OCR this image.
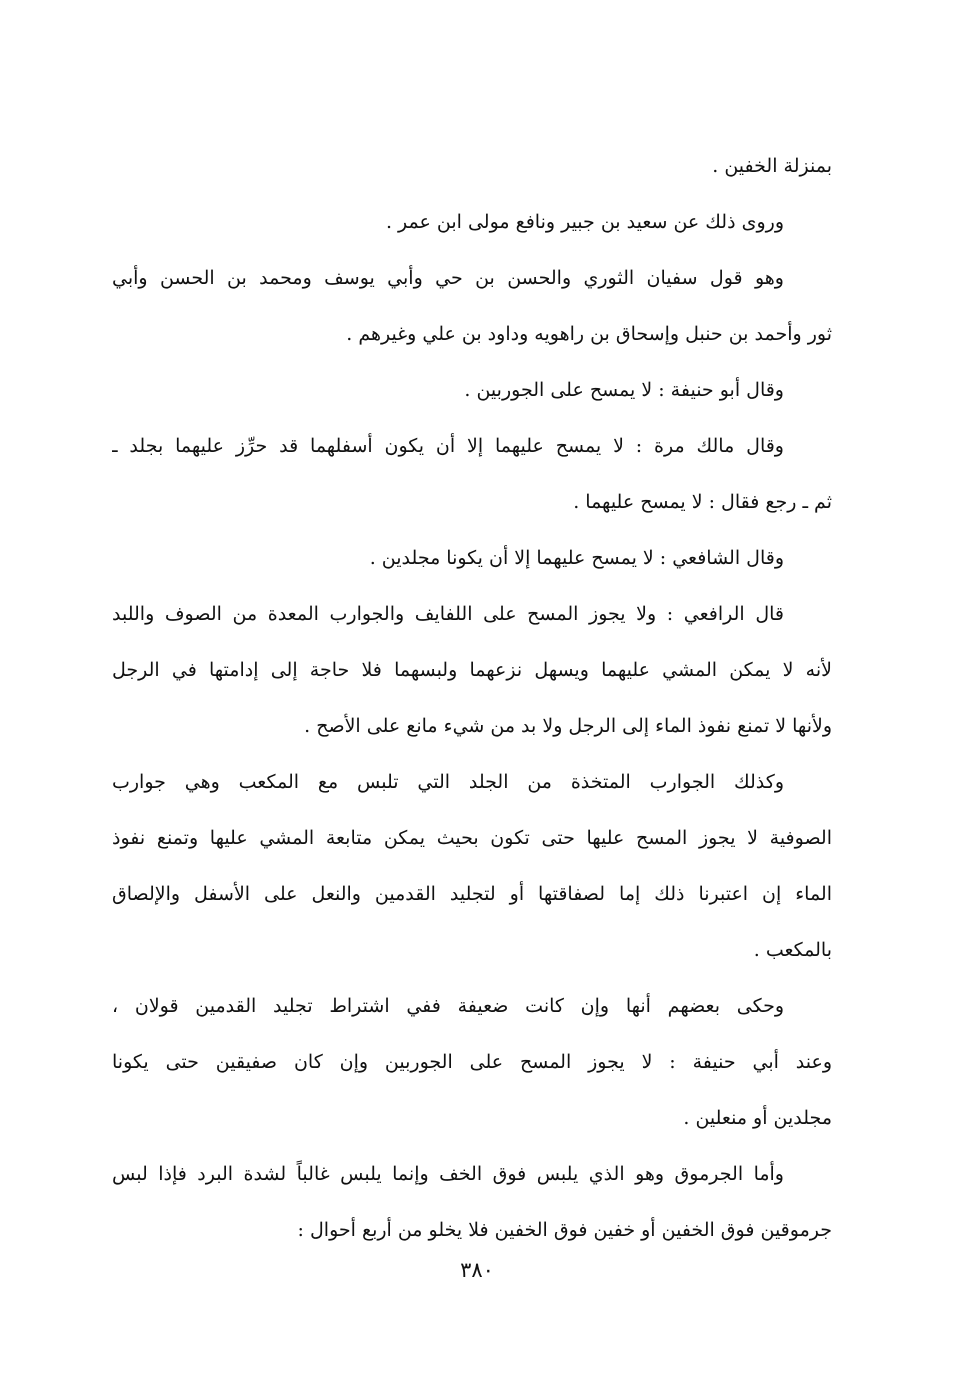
بمنزلة الخفين .
وروى ذلك عن سعيد بن جبير ونافع مولى ابن عمر .
وهو قول سفيان الثوري والحسن بن حي وأبي يوسف ومحمد بن الحسن وأبي
ثور وأحمد بن حنبل وإسحاق بن راهويه وداود بن علي وغيرهم .
وقال أبو حنيفة : لا يمسح على الجوربين .
وقال مالك مرة : لا يمسح عليهما إلا أن يكون أسفلهما قد حرِّز عليهما بجلد ـ
ثم ـ رجع فقال : لا يمسح عليهما .
وقال الشافعي : لا يمسح عليهما إلا أن يكونا مجلدين .
قال الرافعي : ولا يجوز المسح على اللفايف والجوارب المعدة من الصوف واللبد
لأنه لا يمكن المشي عليهما ويسهل نزعهما ولبسهما فلا حاجة إلى إدامتها في الرجل
ولأنها لا تمنع نفوذ الماء إلى الرجل ولا بد من شيء مانع على الأصح .
وكذلك الجوارب المتخذة من الجلد التي تلبس مع المكعب وهي جوارب
الصوفية لا يجوز المسح عليها حتى تكون بحيث يمكن متابعة المشي عليها وتمنع نفوذ
الماء إن اعتبرنا ذلك إما لصفاقتها أو لتجليد القدمين والنعل على الأسفل والإلصاق
بالمكعب .
وحكى بعضهم أنها وإن كانت ضعيفة ففي اشتراط تجليد القدمين قولان ،
وعند أبي حنيفة : لا يجوز المسح على الجوربين وإن كان صفيقين حتى يكونا
مجلدين أو منعلين .
وأما الجرموق وهو الذي يلبس فوق الخف وإنما يلبس غالباً لشدة البرد فإذا لبس
جرموقين فوق الخفين أو خفين فوق الخفين فلا يخلو من أربع أحوال :
٣٨٠
